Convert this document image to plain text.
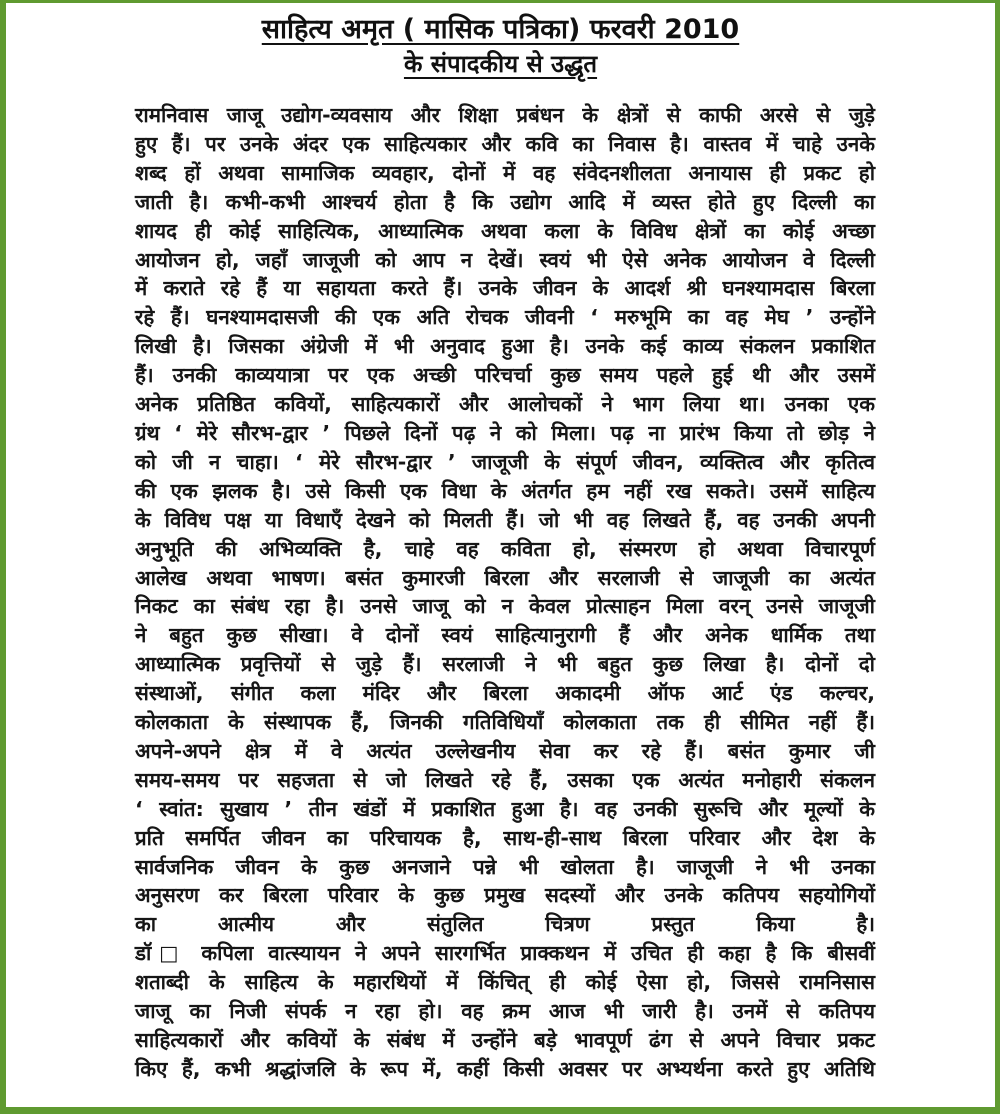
साहित्य अमृत ( मासिक पत्रिका) फरवरी 2010
के संपादकीय से उद्धृत
रामनिवास जाजू उद्योग-व्यवसाय और शिक्षा प्रबंधन के क्षेत्रों से काफी अरसे से जुड़े
हुए हैं। पर उनके अंदर एक साहित्यकार और कवि का निवास है। वास्तव में चाहे उनके
शब्द हों अथवा सामाजिक व्यवहार, दोनों में वह संवेदनशीलता अनायास ही प्रकट हो
जाती है। कभी-कभी आश्चर्य होता है कि उद्योग आदि में व्यस्त होते हुए दिल्ली का
शायद ही कोई साहित्यिक, आध्यात्मिक अथवा कला के विविध क्षेत्रों का कोई अच्छा
आयोजन हो, जहाँ जाजूजी को आप न देखें। स्वयं भी ऐसे अनेक आयोजन वे दिल्ली
में कराते रहे हैं या सहायता करते हैं। उनके जीवन के आदर्श श्री घनश्यामदास बिरला
रहे हैं। घनश्यामदासजी की एक अति रोचक जीवनी ‘ मरुभूमि का वह मेघ ’ उन्होंने
लिखी है। जिसका अंग्रेजी में भी अनुवाद हुआ है। उनके कई काव्य संकलन प्रकाशित
हैं। उनकी काव्ययात्रा पर एक अच्छी परिचर्चा कुछ समय पहले हुई थी और उसमें
अनेक प्रतिष्ठित कवियों, साहित्यकारों और आलोचकों ने भाग लिया था। उनका एक
ग्रंथ ‘ मेरे सौरभ-द्वार ’ पिछले दिनों पढ़ ने को मिला। पढ़ ना प्रारंभ किया तो छोड़ ने
को जी न चाहा। ‘ मेरे सौरभ-द्वार ’ जाजूजी के संपूर्ण जीवन, व्यक्तित्व और कृतित्व
की एक झलक है। उसे किसी एक विधा के अंतर्गत हम नहीं रख सकते। उसमें साहित्य
के विविध पक्ष या विधाएँ देखने को मिलती हैं। जो भी वह लिखते हैं, वह उनकी अपनी
अनुभूति की अभिव्यक्ति है, चाहे वह कविता हो, संस्मरण हो अथवा विचारपूर्ण
आलेख अथवा भाषण। बसंत कुमारजी बिरला और सरलाजी से जाजूजी का अत्यंत
निकट का संबंध रहा है। उनसे जाजू को न केवल प्रोत्साहन मिला वरन् उनसे जाजूजी
ने बहुत कुछ सीखा। वे दोनों स्वयं साहित्यानुरागी हैं और अनेक धार्मिक तथा
आध्यात्मिक प्रवृत्तियों से जुड़े हैं। सरलाजी ने भी बहुत कुछ लिखा है। दोनों दो
संस्थाओं, संगीत कला मंदिर और बिरला अकादमी ऑफ आर्ट एंड कल्चर,
कोलकाता के संस्थापक हैं, जिनकी गतिविधियाँ कोलकाता तक ही सीमित नहीं हैं।
अपने-अपने क्षेत्र में वे अत्यंत उल्लेखनीय सेवा कर रहे हैं। बसंत कुमार जी
समय-समय पर सहजता से जो लिखते रहे हैं, उसका एक अत्यंत मनोहारी संकलन
‘ स्वांत: सुखाय ’ तीन खंडों में प्रकाशित हुआ है। वह उनकी सुरूचि और मूल्यों के
प्रति समर्पित जीवन का परिचायक है, साथ-ही-साथ बिरला परिवार और देश के
सार्वजनिक जीवन के कुछ अनजाने पन्ने भी खोलता है। जाजूजी ने भी उनका
अनुसरण कर बिरला परिवार के कुछ प्रमुख सदस्यों और उनके कतिपय सहयोगियों
का आत्मीय और संतुलित चित्रण प्रस्तुत किया है।
डॉ□ कपिला वात्स्यायन ने अपने सारगर्भित प्राक्कथन में उचित ही कहा है कि बीसवीं
शताब्दी के साहित्य के महारथियों में किंचित् ही कोई ऐसा हो, जिससे रामनिसास
जाजू का निजी संपर्क न रहा हो। वह क्रम आज भी जारी है। उनमें से कतिपय
साहित्यकारों और कवियों के संबंध में उन्होंने बड़े भावपूर्ण ढंग से अपने विचार प्रकट
किए हैं, कभी श्रद्धांजलि के रूप में, कहीं किसी अवसर पर अभ्यर्थना करते हुए अतिथि
